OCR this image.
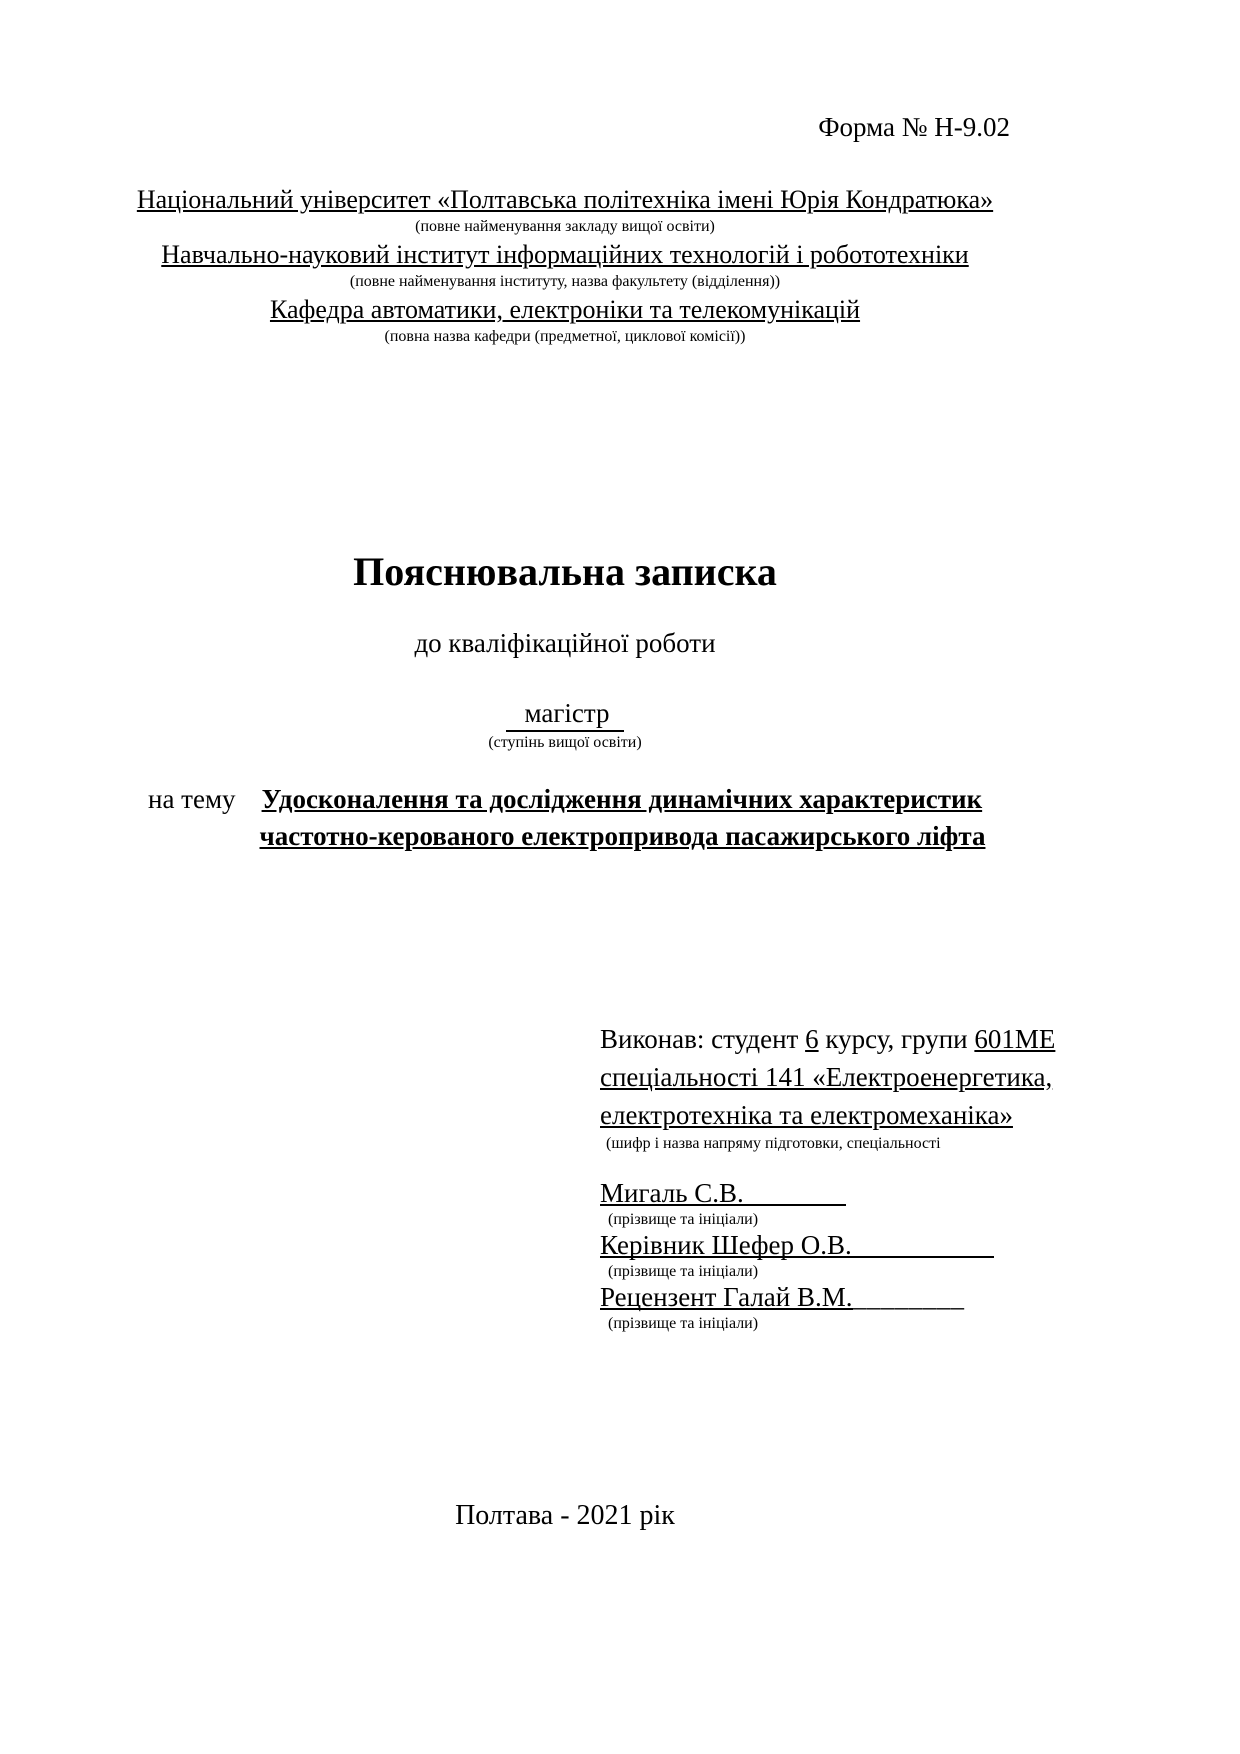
Форма № Н-9.02
Національний університет «Полтавська політехніка імені Юрія Кондратюка»
(повне найменування закладу вищої освіти)
Навчально-науковий інститут інформаційних технологій і робототехніки
(повне найменування інституту, назва факультету (відділення))
Кафедра автоматики, електроніки та телекомунікацій
(повна назва кафедри (предметної, циклової комісії))
Пояснювальна записка
до кваліфікаційної роботи
магістр
(ступінь вищої освіти)
на тему Удосконалення та дослідження динамічних характеристик
частотно-керованого електропривода пасажирського ліфта
Виконав: студент 6 курсу, групи 601МЕ
спеціальності 141 «Електроенергетика,
електротехніка та електромеханіка»
(шифр і назва напряму підготовки, спеціальності
Мигаль С.В.
(прізвище та ініціали)
Керівник Шефер О.В.
(прізвище та ініціали)
Рецензент Галай В.М.________
(прізвище та ініціали)
Полтава - 2021 рік
